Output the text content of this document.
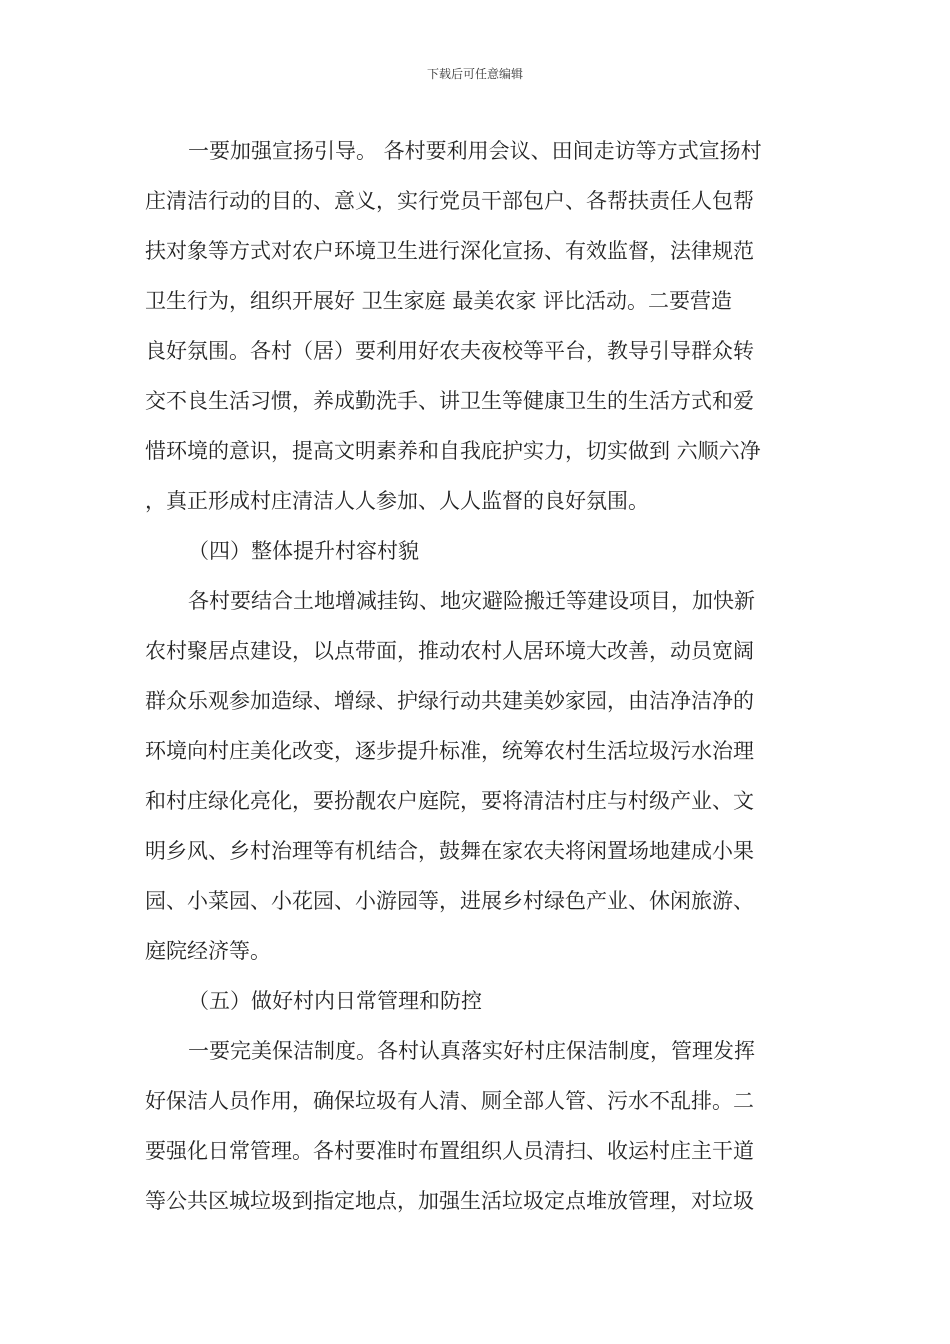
下载后可任意编辑
一要加强宣扬引导。 各村要利用会议、田间走访等方式宣扬村
庄清洁行动的目的、意义，实行党员干部包户、各帮扶责任人包帮
扶对象等方式对农户环境卫生进行深化宣扬、有效监督，法律规范
卫生行为，组织开展好 卫生家庭 最美农家 评比活动。二要营造
良好氛围。各村（居）要利用好农夫夜校等平台，教导引导群众转
交不良生活习惯，养成勤洗手、讲卫生等健康卫生的生活方式和爱
惜环境的意识，提高文明素养和自我庇护实力，切实做到 六顺六净
，真正形成村庄清洁人人参加、人人监督的良好氛围。
（四）整体提升村容村貌
各村要结合土地增减挂钩、地灾避险搬迁等建设项目，加快新
农村聚居点建设，以点带面，推动农村人居环境大改善，动员宽阔
群众乐观参加造绿、增绿、护绿行动共建美妙家园，由洁净洁净的
环境向村庄美化改变，逐步提升标准，统筹农村生活垃圾污水治理
和村庄绿化亮化，要扮靓农户庭院，要将清洁村庄与村级产业、文
明乡风、乡村治理等有机结合，鼓舞在家农夫将闲置场地建成小果
园、小菜园、小花园、小游园等，进展乡村绿色产业、休闲旅游、
庭院经济等。
（五）做好村内日常管理和防控
一要完美保洁制度。各村认真落实好村庄保洁制度，管理发挥
好保洁人员作用，确保垃圾有人清、厕全部人管、污水不乱排。二
要强化日常管理。各村要准时布置组织人员清扫、收运村庄主干道
等公共区城垃圾到指定地点，加强生活垃圾定点堆放管理，对垃圾
